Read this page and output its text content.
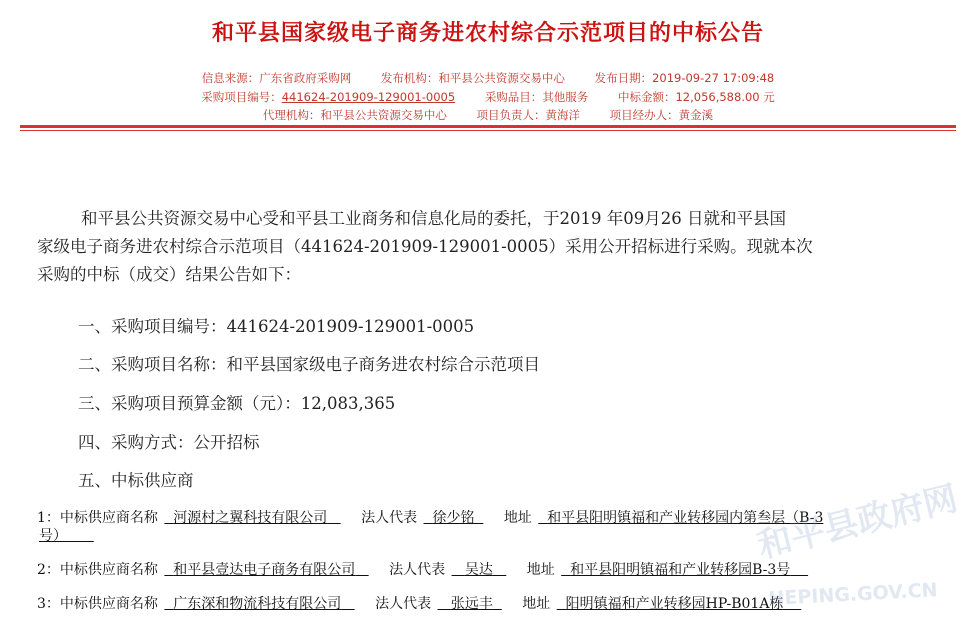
和平县国家级电子商务进农村综合示范项目的中标公告
信息来源：广东省政府采购网	发布机构：和平县公共资源交易中心	发布日期：2019-09-27 17:09:48
采购项目编号：441624-201909-129001-0005	采购品目：其他服务	中标金额：12,056,588.00 元
代理机构：和平县公共资源交易中心	项目负责人：黄海洋	项目经办人：黄金溪
和平县公共资源交易中心受和平县工业商务和信息化局的委托，于2019 年09月26 日就和平县国
家级电子商务进农村综合示范项目（441624-201909-129001-0005）采用公开招标进行采购。现就本次
采购的中标（成交）结果公告如下：
一、采购项目编号：441624-201909-129001-0005
二、采购项目名称：和平县国家级电子商务进农村综合示范项目
三、采购项目预算金额（元）：12,083,365
四、采购方式：公开招标
五、中标供应商
1：中标供应商名称 河源村之翼科技有限公司 法人代表 徐少铭 地址 和平县阳明镇福和产业转移园内第叁层（B-3
号）
2：中标供应商名称 和平县壹达电子商务有限公司 法人代表 吴达 地址 和平县阳明镇福和产业转移园B-3号
3：中标供应商名称 广东深和物流科技有限公司 法人代表 张远丰 地址 阳明镇福和产业转移园HP-B01A栋
和平县政府网
HEPING.GOV.CN
